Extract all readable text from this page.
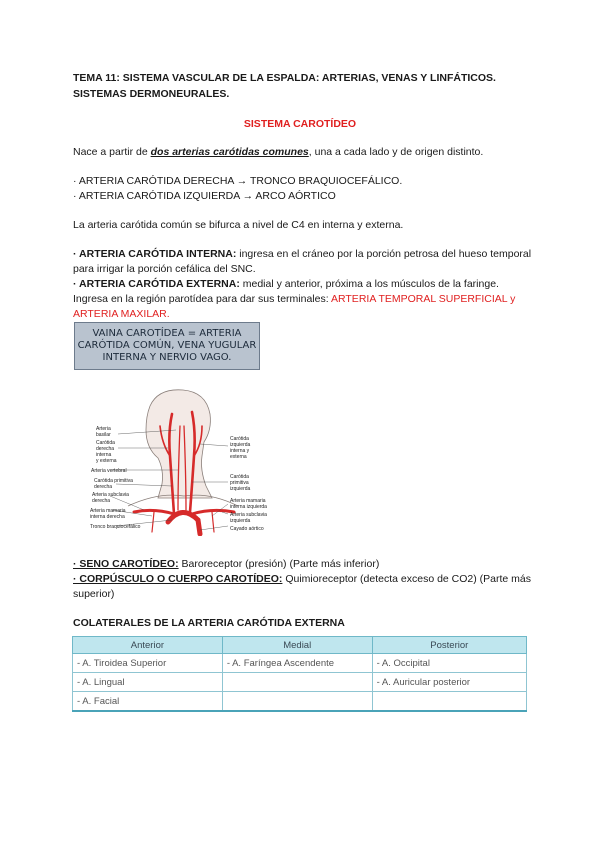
TEMA 11: SISTEMA VASCULAR DE LA ESPALDA: ARTERIAS, VENAS Y LINFÁTICOS.
SISTEMAS DERMONEURALES.
SISTEMA CAROTÍDEO
Nace a partir de dos arterias carótidas comunes, una a cada lado y de origen distinto.
· ARTERIA CARÓTIDA DERECHA → TRONCO BRAQUIOCEFÁLICO.
· ARTERIA CARÓTIDA IZQUIERDA → ARCO AÓRTICO
La arteria carótida común se bifurca a nivel de C4 en interna y externa.
· ARTERIA CARÓTIDA INTERNA: ingresa en el cráneo por la porción petrosa del hueso temporal para irrigar la porción cefálica del SNC.
· ARTERIA CARÓTIDA EXTERNA: medial y anterior, próxima a los músculos de la faringe. Ingresa en la región parotídea para dar sus terminales: ARTERIA TEMPORAL SUPERFICIAL y ARTERIA MAXILAR.
VAINA CAROTÍDEA = ARTERIA CARÓTIDA COMÚN, VENA YUGULAR INTERNA Y NERVIO VAGO.
Arteria
basilar
Carótida
derecha
interna
y externa
Arteria vertebral
Carótida primitiva
derecha
Arteria subclavia
derecha
Arteria mamaria
interna derecha
Tronco braquiocefálico
Carótida
izquierda
interna y
externa
Carótida
primitiva
izquierda
Arteria mamaria
interna izquierda
Arteria subclavia
izquierda
Cayado aórtico
· SENO CAROTÍDEO: Baroreceptor (presión) (Parte más inferior)
· CORPÚSCULO O CUERPO CAROTÍDEO: Quimioreceptor (detecta exceso de CO2) (Parte más superior)
COLATERALES DE LA ARTERIA CARÓTIDA EXTERNA
Anterior	Medial	Posterior
- A. Tiroidea Superior	- A. Faríngea Ascendente	- A. Occipital
- A. Lingual		- A. Auricular posterior
- A. Facial		
